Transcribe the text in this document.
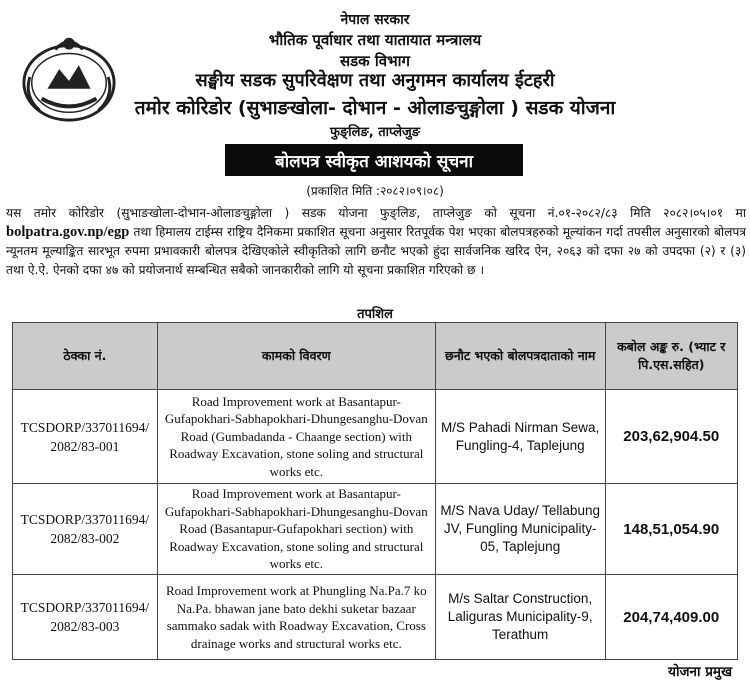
नेपाल सरकार
भौतिक पूर्वाधार तथा यातायात मन्त्रालय
सडक विभाग
सङ्घीय सडक सुपरिवेक्षण तथा अनुगमन कार्यालय ईटहरी
तमोर कोरिडोर (सुभाङखोला- दोभान - ओलाङचुङ्गोला ) सडक योजना
फुङ्लिङ, ताप्लेजुङ
बोलपत्र स्वीकृत आशयको सूचना
(प्रकाशित मिति :२०८२।०९।०८)
यस तमोर कोरिडोर (सुभाङखोला-दोभान-ओलाङचुङ्गोला ) सडक योजना फुङ्लिङ, ताप्लेजुङ को सूचना नं.०१-२०८२/८३ मिति २०८२।०५।०१ मा bolpatra.gov.np/egp तथा हिमालय टाईम्स राष्ट्रिय दैनिकमा प्रकाशित सूचना अनुसार रितपूर्वक पेश भएका बोलपत्रहरुको मूल्यांकन गर्दा तपसील अनुसारको बोलपत्र न्यूनतम मूल्याङ्कित सारभूत रुपमा प्रभावकारी बोलपत्र देखिएकोले स्वीकृतिको लागि छनौट भएको हुंदा सार्वजनिक खरिद ऐन, २०६३ को दफा २७ को उपदफा (२) र (३) तथा ऐ.ऐ. ऐनको दफा ४७ को प्रयोजनार्थ सम्बन्धित सबैको जानकारीको लागि यो सूचना प्रकाशित गरिएको छ ।
तपशिल
ठेक्का नं.	कामको विवरण	छनौट भएको बोलपत्रदाताको नाम	कबोल अङ्क रु. (भ्याट र पि.एस.सहित)
TCSDORP/337011694/ 2082/83-001	Road Improvement work at Basantapur-Gufapokhari-Sabhapokhari-Dhungesanghu-Dovan Road (Gumbadanda - Chaange section) with Roadway Excavation, stone soling and structural works etc.	M/S Pahadi Nirman Sewa, Fungling-4, Taplejung	203,62,904.50
TCSDORP/337011694/ 2082/83-002	Road Improvement work at Basantapur-Gufapokhari-Sabhapokhari-Dhungesanghu-Dovan Road (Basantapur-Gufapokhari section) with Roadway Excavation, stone soling and structural works etc.	M/S Nava Uday/ Tellabung JV, Fungling Municipality-05, Taplejung	148,51,054.90
TCSDORP/337011694/ 2082/83-003	Road Improvement work at Phungling Na.Pa.7 ko Na.Pa. bhawan jane bato dekhi suketar bazaar sammako sadak with Roadway Excavation, Cross drainage works and structural works etc.	M/s Saltar Construction, Laliguras Municipality-9, Terathum	204,74,409.00
योजना प्रमुख
